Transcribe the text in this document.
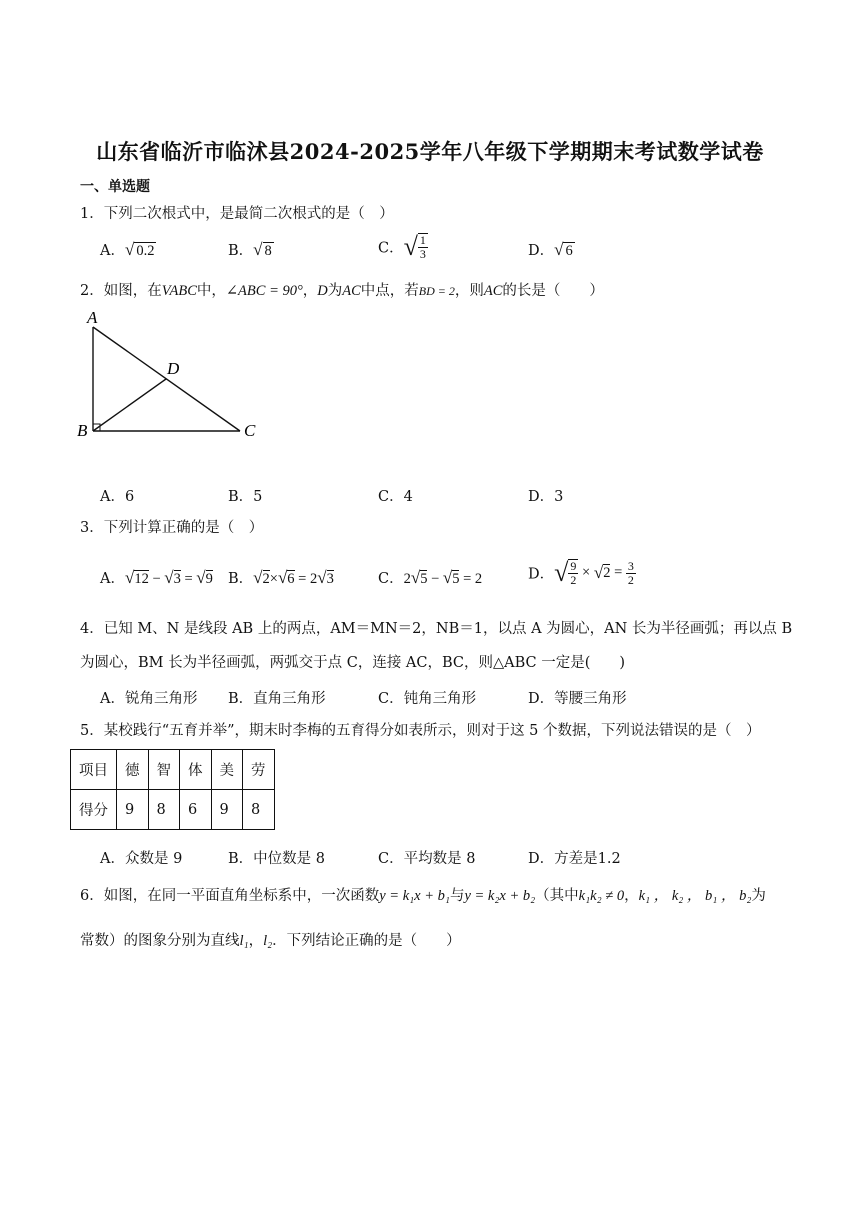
山东省临沂市临沭县2024-2025学年八年级下学期期末考试数学试卷
一、单选题
1．下列二次根式中，是最简二次根式的是（　）
A．√ 0.2	B．√ 8	C．√ $\frac{1}{3}$	D．√ 6
2．如图，在VABC中，∠ABC = 90°，D为AC中点，若BD = 2，则AC的长是（　　）
A
B	C
D
A．6	B．5	C．4	D．3
3．下列计算正确的是（　）
A．√12 − √3 = √9 B．√2×√6 = 2√3	C．2√5 − √5 = 2	D．√ $\frac{9}{2} \times √2 = \frac{3}{2}$
4．已知 M、N 是线段 AB 上的两点，AM＝MN＝2，NB＝1，以点 A 为圆心，AN 长为半径画弧；再以点 B
为圆心，BM 长为半径画弧，两弧交于点 C，连接 AC，BC，则△ABC 一定是(　　)
A．锐角三角形 B．直角三角形	C．钝角三角形	D．等腰三角形
5．某校践行“五育并举”，期末时李梅的五育得分如表所示，则对于这 5 个数据，下列说法错误的是（　）
项目	德	智	体	美	劳
得分	9	8	6	9	8
A．众数是 9	B．中位数是 8	C．平均数是 8	D．方差是1.2
6．如图，在同一平面直角坐标系中，一次函数y = k₁x + b₁与y = k₂x + b₂（其中k₁k₂ ≠ 0，k₁ ， k₂ ， b₁ ， b₂为
常数）的图象分别为直线l₁，l₂．下列结论正确的是（　　）
